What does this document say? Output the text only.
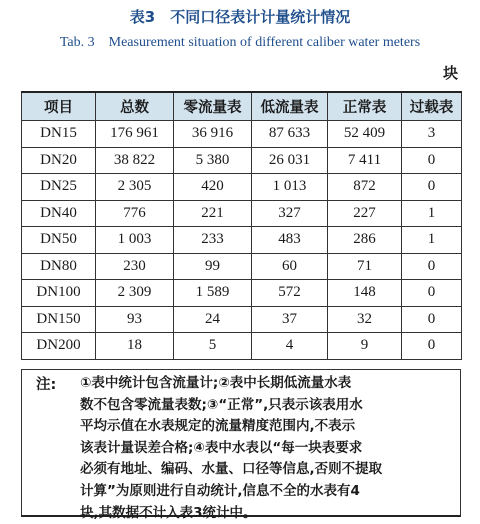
表3　不同口径表计计量统计情况
Tab. 3　Measurement situation of different caliber water meters
块
项目	总数	零流量表	低流量表	正常表	过载表
DN15	176 961	36 916	87 633	52 409	3
DN20	38 822	5 380	26 031	7 411	0
DN25	2 305	420	1 013	872	0
DN40	776	221	327	227	1
DN50	1 003	233	483	286	1
DN80	230	99	60	71	0
DN100	2 309	1 589	572	148	0
DN150	93	24	37	32	0
DN200	18	5	4	9	0
注: ①表中统计包含流量计;②表中长期低流量水表
数不包含零流量表数;③“正常”,只表示该表用水
平均示值在水表规定的流量精度范围内,不表示
该表计量误差合格;④表中水表以“每一块表要求
必须有地址、编码、水量、口径等信息,否则不提取
计算”为原则进行自动统计,信息不全的水表有4
块,其数据不计入表3统计中。
